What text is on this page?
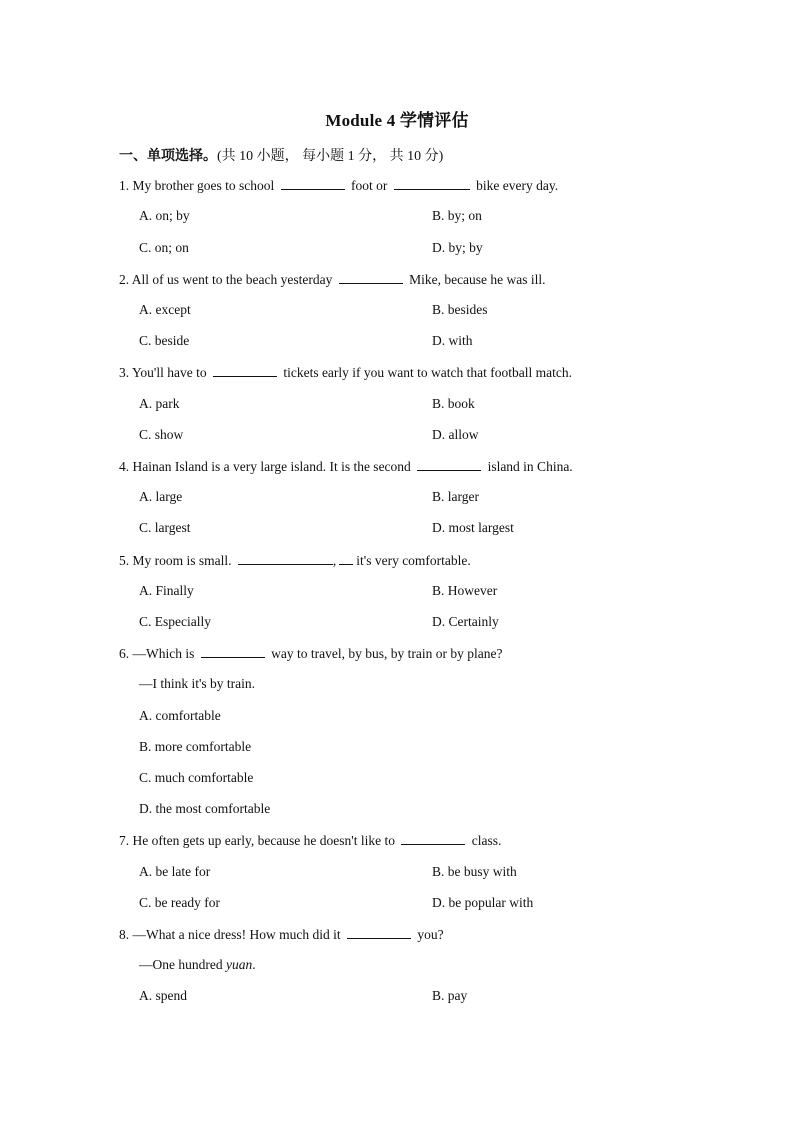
Module 4 学情评估
一、单项选择。(共 10 小题， 每小题 1 分， 共 10 分)
1. My brother goes to school	foot or	bike every day.
A. on; by	B. by; on
C. on; on	D. by; by
2. All of us went to the beach yesterday	Mike, because he was ill.
A. except	B. besides
C. beside	D. with
3. You'll have to	tickets early if you want to watch that football match.
A. park	B. book
C. show	D. allow
4. Hainan Island is a very large island. It is the second	island in China.
A. large	B. larger
C. largest	D. most largest
5. My room is small.	, it's very comfortable.
A. Finally	B. However
C. Especially	D. Certainly
6. —Which is	way to travel, by bus, by train or by plane?
—I think it's by train.
A. comfortable
B. more comfortable
C. much comfortable
D. the most comfortable
7. He often gets up early, because he doesn't like to	class.
A. be late for	B. be busy with
C. be ready for	D. be popular with
8. —What a nice dress! How much did it	you?
—One hundred yuan.
A. spend	B. pay
